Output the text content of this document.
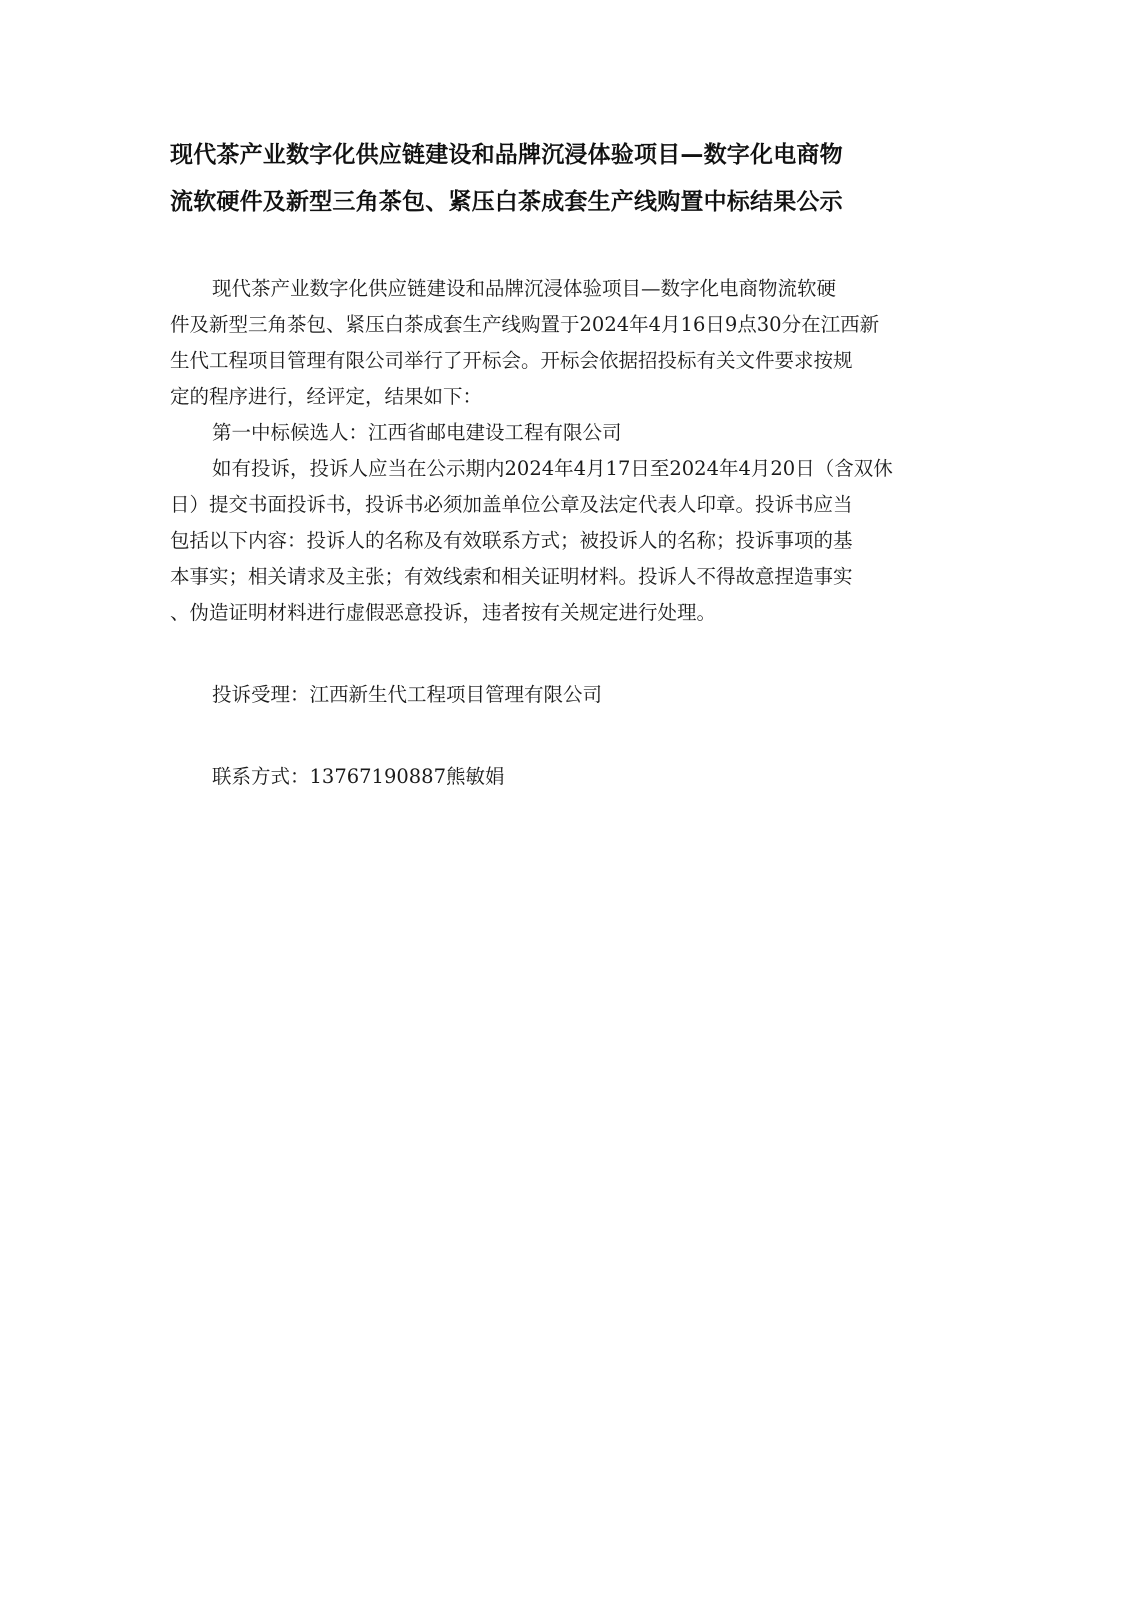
现代茶产业数字化供应链建设和品牌沉浸体验项目—数字化电商物
流软硬件及新型三角茶包、紧压白茶成套生产线购置中标结果公示

现代茶产业数字化供应链建设和品牌沉浸体验项目—数字化电商物流软硬
件及新型三角茶包、紧压白茶成套生产线购置于2024年4月16日9点30分在江西新
生代工程项目管理有限公司举行了开标会。开标会依据招投标有关文件要求按规
定的程序进行，经评定，结果如下：

第一中标候选人：江西省邮电建设工程有限公司

如有投诉，投诉人应当在公示期内2024年4月17日至2024年4月20日（含双休
日）提交书面投诉书，投诉书必须加盖单位公章及法定代表人印章。投诉书应当
包括以下内容：投诉人的名称及有效联系方式；被投诉人的名称；投诉事项的基
本事实；相关请求及主张；有效线索和相关证明材料。投诉人不得故意捏造事实
、伪造证明材料进行虚假恶意投诉，违者按有关规定进行处理。

投诉受理：江西新生代工程项目管理有限公司

联系方式：13767190887熊敏娟
